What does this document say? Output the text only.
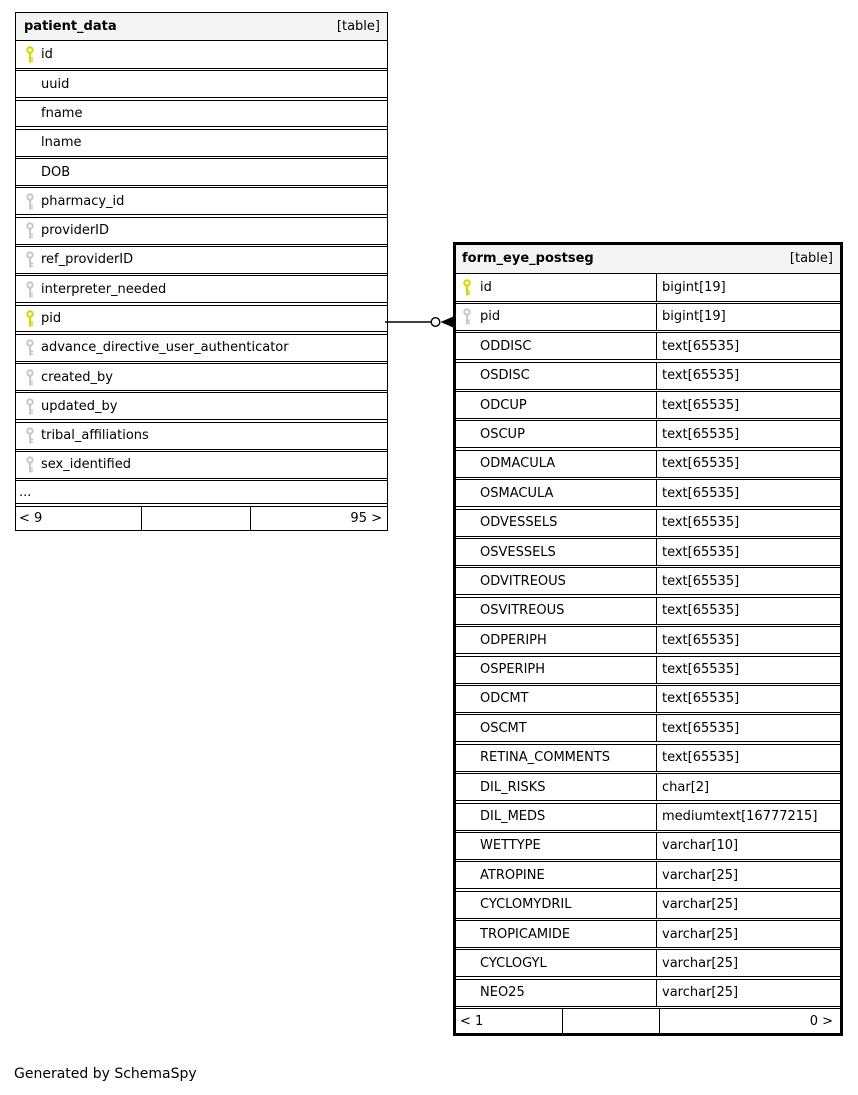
patient_data	[table]
id
uuid
fname
lname
DOB
pharmacy_id
providerID
ref_providerID
interpreter_needed
pid
advance_directive_user_authenticator
created_by
updated_by
tribal_affiliations
sex_identified
...
< 9	95 >
form_eye_postseg	[table]
id	bigint[19]
pid	bigint[19]
ODDISC	text[65535]
OSDISC	text[65535]
ODCUP	text[65535]
OSCUP	text[65535]
ODMACULA	text[65535]
OSMACULA	text[65535]
ODVESSELS	text[65535]
OSVESSELS	text[65535]
ODVITREOUS	text[65535]
OSVITREOUS	text[65535]
ODPERIPH	text[65535]
OSPERIPH	text[65535]
ODCMT	text[65535]
OSCMT	text[65535]
RETINA_COMMENTS	text[65535]
DIL_RISKS	char[2]
DIL_MEDS	mediumtext[16777215]
WETTYPE	varchar[10]
ATROPINE	varchar[25]
CYCLOMYDRIL	varchar[25]
TROPICAMIDE	varchar[25]
CYCLOGYL	varchar[25]
NEO25	varchar[25]
< 1	0 >
Generated by SchemaSpy
